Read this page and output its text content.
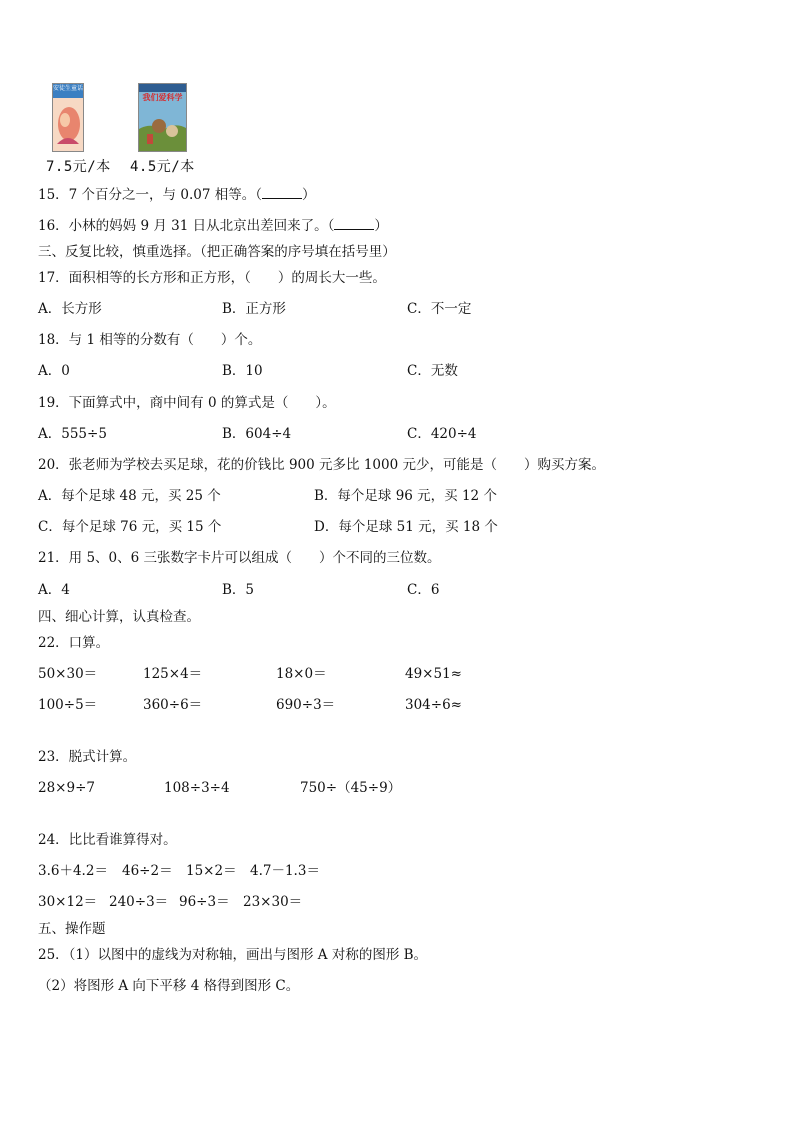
安徒生童话
我们爱科学
7.5元/本 4.5元/本
15．7 个百分之一，与 0.07 相等。（	）
16．小林的妈妈 9 月 31 日从北京出差回来了。（	）
三、反复比较，慎重选择。（把正确答案的序号填在括号里）
17．面积相等的长方形和正方形，（　　）的周长大一些。
A．长方形	B．正方形	C．不一定
18．与 1 相等的分数有（　　）个。
A．0	B．10	C．无数
19．下面算式中，商中间有 0 的算式是（　　）。
A．555÷5	B．604÷4	C．420÷4
20．张老师为学校去买足球，花的价钱比 900 元多比 1000 元少，可能是（　　）购买方案。
A．每个足球 48 元，买 25 个	B．每个足球 96 元，买 12 个
C．每个足球 76 元，买 15 个	D．每个足球 51 元，买 18 个
21．用 5、0、6 三张数字卡片可以组成（　　）个不同的三位数。
A．4	B．5	C．6
四、细心计算，认真检查。
22．口算。
50×30＝	125×4＝	18×0＝	49×51≈
100÷5＝	360÷6＝	690÷3＝	304÷6≈
23．脱式计算。
28×9÷7	108÷3÷4	750÷（45÷9）
24．比比看谁算得对。
3.6＋4.2＝ 46÷2＝ 15×2＝ 4.7－1.3＝
30×12＝ 240÷3＝ 96÷3＝ 23×30＝
五、操作题
25．（1）以图中的虚线为对称轴，画出与图形 A 对称的图形 B。
（2）将图形 A 向下平移 4 格得到图形 C。
